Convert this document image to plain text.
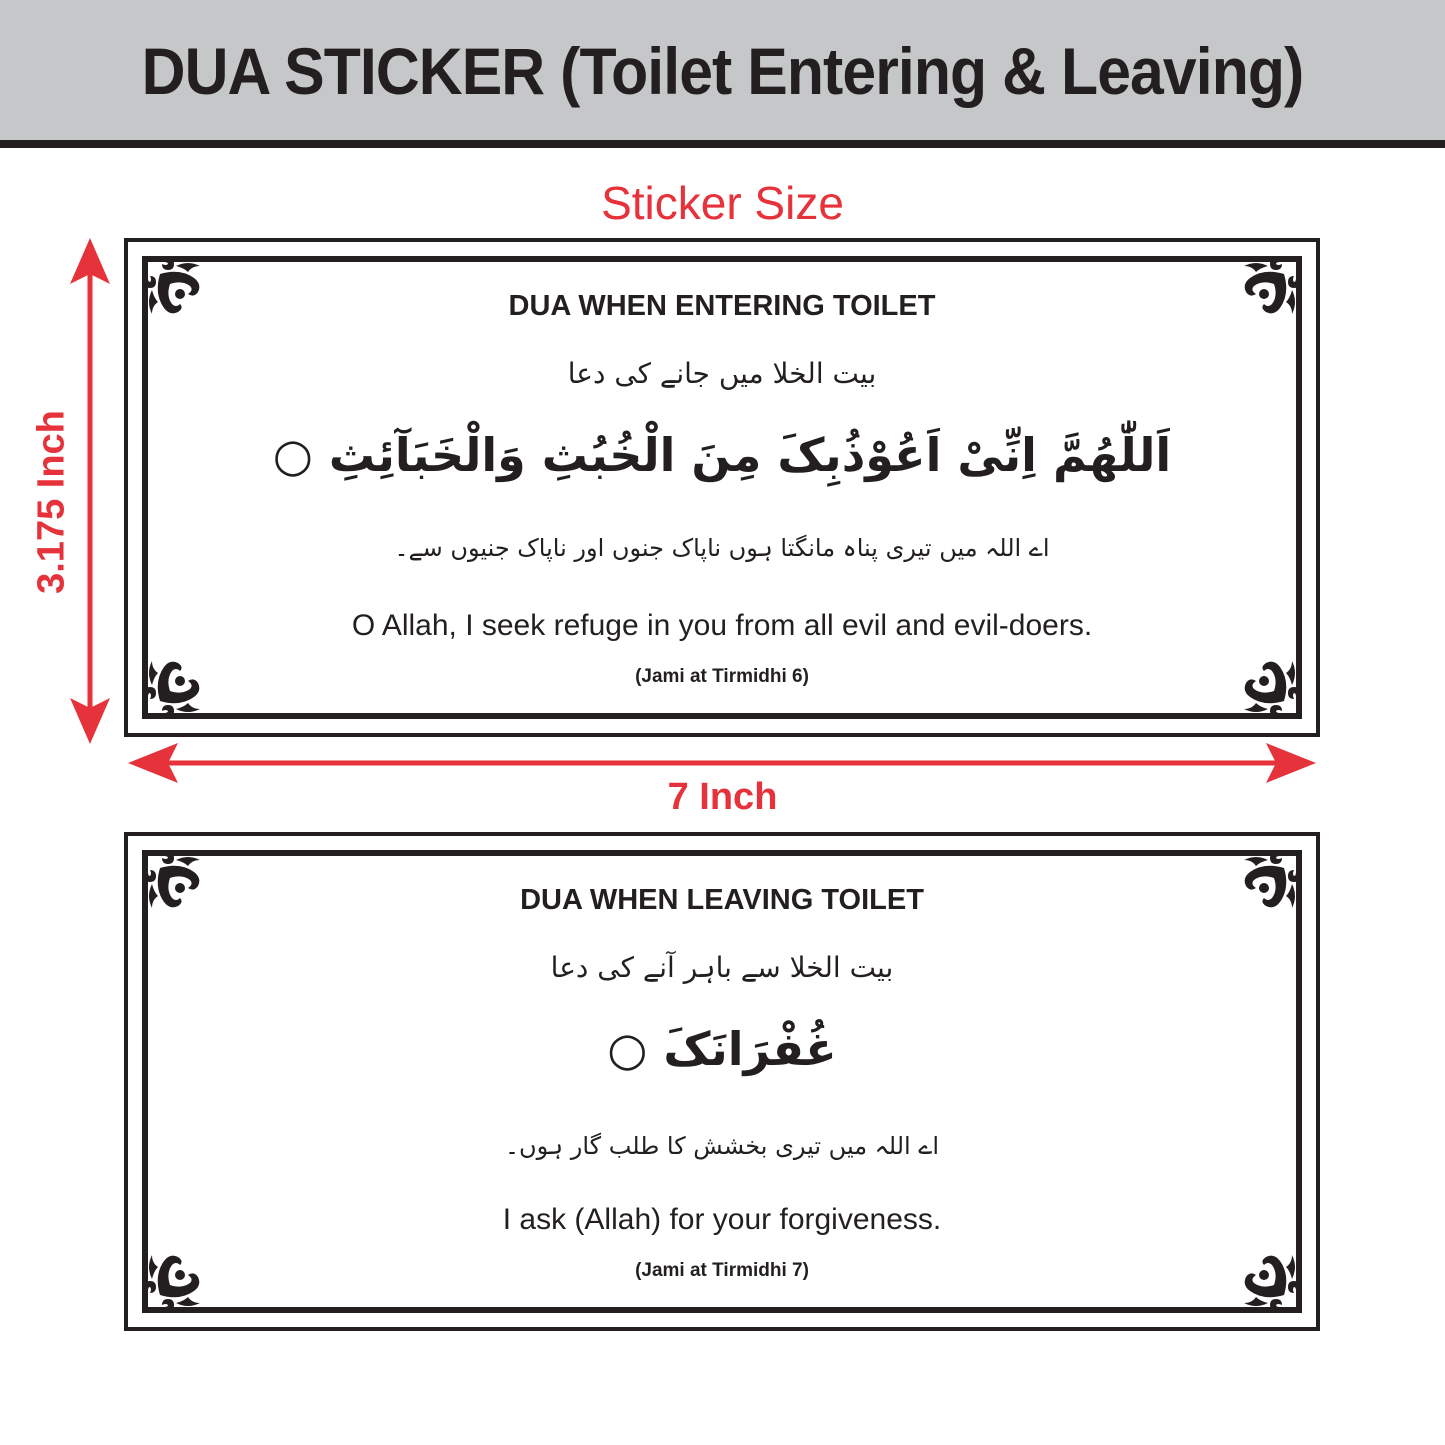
DUA STICKER (Toilet Entering & Leaving)
Sticker Size
3.175 Inch
7 Inch
DUA WHEN ENTERING TOILET
بیت الخلا میں جانے کی دعا
اَللّٰھُمَّ اِنِّیْ اَعُوْذُبِکَ مِنَ الْخُبُثِ وَالْخَبَآئِثِ ○
اے اللہ میں تیری پناہ مانگتا ہوں ناپاک جنوں اور ناپاک جنیوں سے۔
O Allah, I seek refuge in you from all evil and evil-doers.
(Jami at Tirmidhi 6)
DUA WHEN LEAVING TOILET
بیت الخلا سے باہر آنے کی دعا
غُفْرَانَکَ ○
اے اللہ میں تیری بخشش کا طلب گار ہوں۔
I ask (Allah) for your forgiveness.
(Jami at Tirmidhi 7)
